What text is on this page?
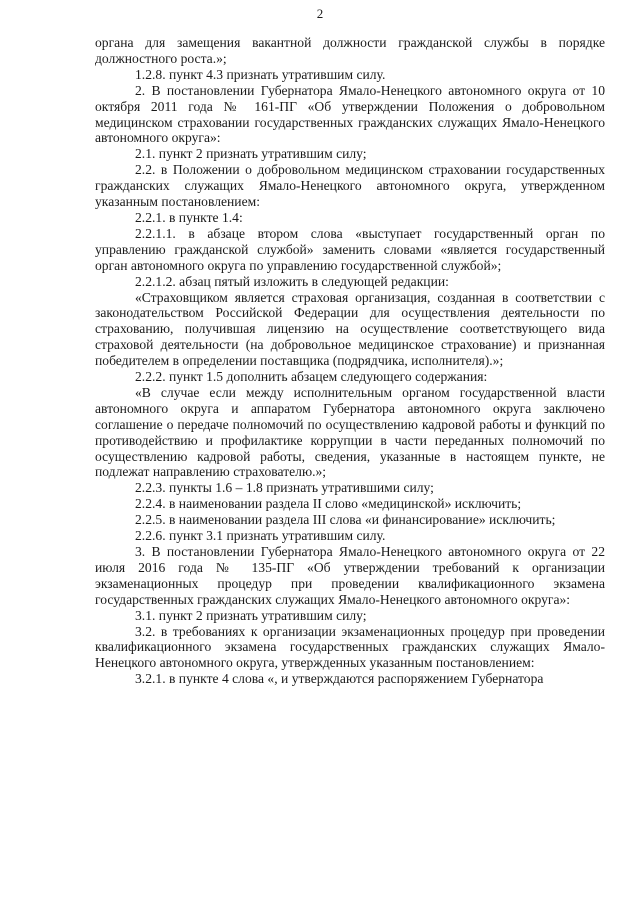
2

органа для замещения вакантной должности гражданской службы в порядке должностного роста.»;

1.2.8. пункт 4.3 признать утратившим силу.

2. В постановлении Губернатора Ямало-Ненецкого автономного округа от 10 октября 2011 года № 161-ПГ «Об утверждении Положения о добровольном медицинском страховании государственных гражданских служащих Ямало-Ненецкого автономного округа»:

2.1. пункт 2 признать утратившим силу;

2.2. в Положении о добровольном медицинском страховании государственных гражданских служащих Ямало-Ненецкого автономного округа, утвержденном указанным постановлением:

2.2.1. в пункте 1.4:

2.2.1.1. в абзаце втором слова «выступает государственный орган по управлению гражданской службой» заменить словами «является государственный орган автономного округа по управлению государственной службой»;

2.2.1.2. абзац пятый изложить в следующей редакции:

«Страховщиком является страховая организация, созданная в соответствии с законодательством Российской Федерации для осуществления деятельности по страхованию, получившая лицензию на осуществление соответствующего вида страховой деятельности (на добровольное медицинское страхование) и признанная победителем в определении поставщика (подрядчика, исполнителя).»;

2.2.2. пункт 1.5 дополнить абзацем следующего содержания:

«В случае если между исполнительным органом государственной власти автономного округа и аппаратом Губернатора автономного округа заключено соглашение о передаче полномочий по осуществлению кадровой работы и функций по противодействию и профилактике коррупции в части переданных полномочий по осуществлению кадровой работы, сведения, указанные в настоящем пункте, не подлежат направлению страхователю.»;

2.2.3. пункты 1.6 – 1.8 признать утратившими силу;

2.2.4. в наименовании раздела II слово «медицинской» исключить;

2.2.5. в наименовании раздела III слова «и финансирование» исключить;

2.2.6. пункт 3.1 признать утратившим силу.

3. В постановлении Губернатора Ямало-Ненецкого автономного округа от 22 июля 2016 года № 135-ПГ «Об утверждении требований к организации экзаменационных процедур при проведении квалификационного экзамена государственных гражданских служащих Ямало-Ненецкого автономного округа»:

3.1. пункт 2 признать утратившим силу;

3.2. в требованиях к организации экзаменационных процедур при проведении квалификационного экзамена государственных гражданских служащих Ямало-Ненецкого автономного округа, утвержденных указанным постановлением:

3.2.1. в пункте 4 слова «, и утверждаются распоряжением Губернатора
